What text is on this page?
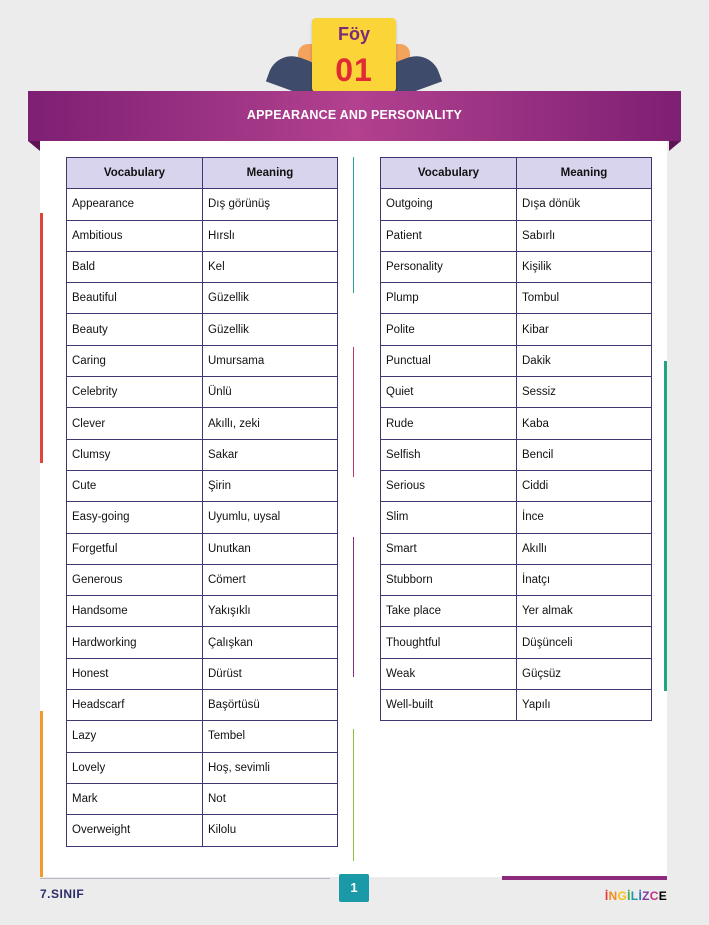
Föy
01
APPEARANCE AND PERSONALITY
Vocabulary	Meaning
Appearance	Dış görünüş
Ambitious	Hırslı
Bald	Kel
Beautiful	Güzellik
Beauty	Güzellik
Caring	Umursama
Celebrity	Ünlü
Clever	Akıllı, zeki
Clumsy	Sakar
Cute	Şirin
Easy-going	Uyumlu, uysal
Forgetful	Unutkan
Generous	Cömert
Handsome	Yakışıklı
Hardworking	Çalışkan
Honest	Dürüst
Headscarf	Başörtüsü
Lazy	Tembel
Lovely	Hoş, sevimli
Mark	Not
Overweight	Kilolu
Vocabulary	Meaning
Outgoing	Dışa dönük
Patient	Sabırlı
Personality	Kişilik
Plump	Tombul
Polite	Kibar
Punctual	Dakik
Quiet	Sessiz
Rude	Kaba
Selfish	Bencil
Serious	Ciddi
Slim	İnce
Smart	Akıllı
Stubborn	İnatçı
Take place	Yer almak
Thoughtful	Düşünceli
Weak	Güçsüz
Well-built	Yapılı
1
7.SINIF	İNGİLİZCE
